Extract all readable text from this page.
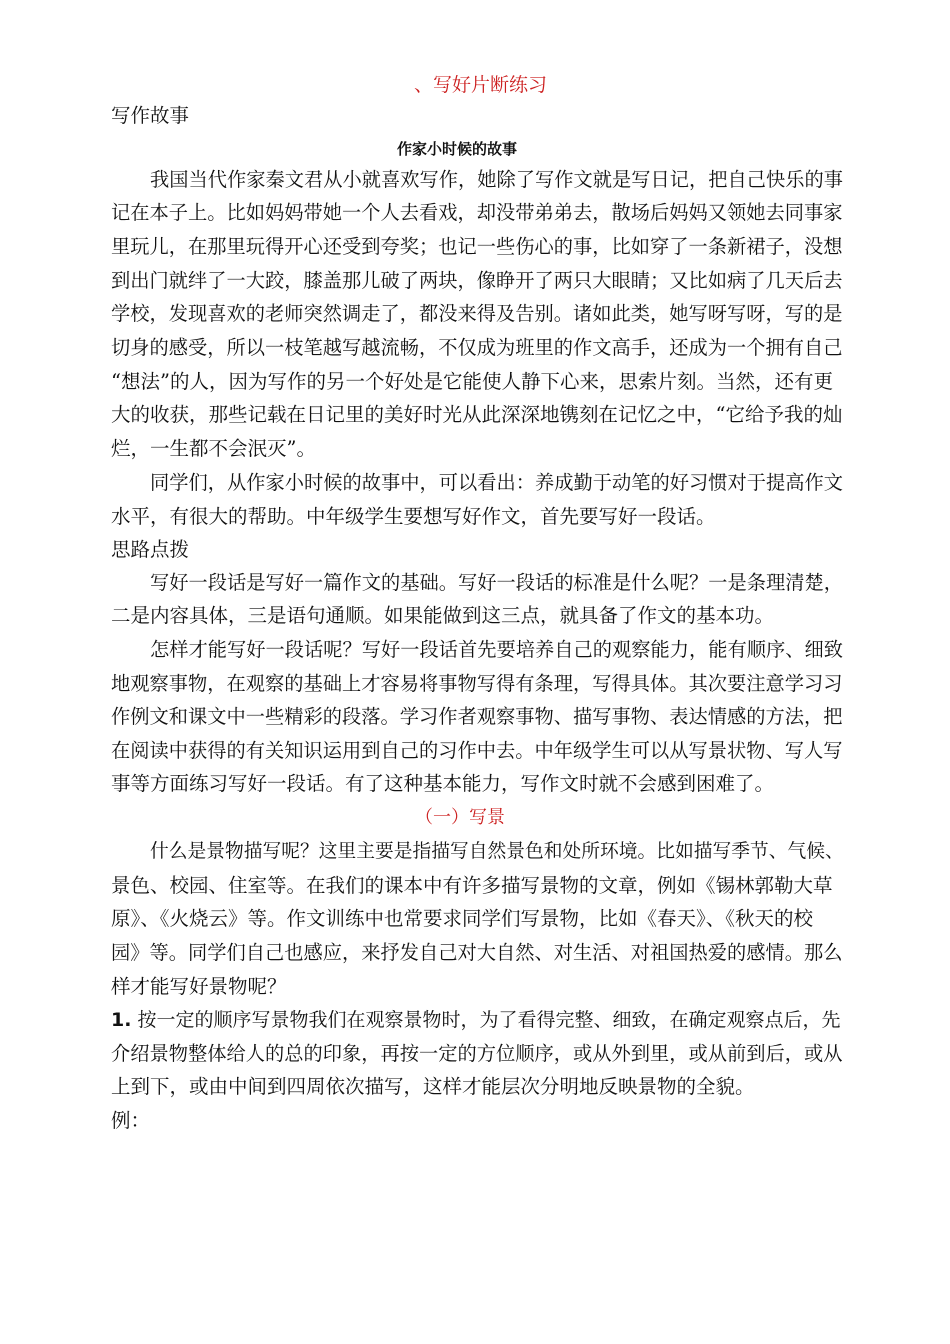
、写好片断练习
写作故事
作家小时候的故事
我国当代作家秦文君从小就喜欢写作，她除了写作文就是写日记，把自己快乐的事
记在本子上。比如妈妈带她一个人去看戏，却没带弟弟去，散场后妈妈又领她去同事家
里玩儿，在那里玩得开心还受到夸奖；也记一些伤心的事，比如穿了一条新裙子，没想
到出门就绊了一大跤，膝盖那儿破了两块，像睁开了两只大眼睛；又比如病了几天后去
学校，发现喜欢的老师突然调走了，都没来得及告别。诸如此类，她写呀写呀，写的是
切身的感受，所以一枝笔越写越流畅，不仅成为班里的作文高手，还成为一个拥有自己
“想法”的人，因为写作的另一个好处是它能使人静下心来，思索片刻。当然，还有更
大的收获，那些记载在日记里的美好时光从此深深地镌刻在记忆之中，“它给予我的灿
烂，一生都不会泯灭”。
同学们，从作家小时候的故事中，可以看出：养成勤于动笔的好习惯对于提高作文
水平，有很大的帮助。中年级学生要想写好作文，首先要写好一段话。
思路点拨
写好一段话是写好一篇作文的基础。写好一段话的标准是什么呢？一是条理清楚，
二是内容具体，三是语句通顺。如果能做到这三点，就具备了作文的基本功。
怎样才能写好一段话呢？写好一段话首先要培养自己的观察能力，能有顺序、细致
地观察事物，在观察的基础上才容易将事物写得有条理，写得具体。其次要注意学习习
作例文和课文中一些精彩的段落。学习作者观察事物、描写事物、表达情感的方法，把
在阅读中获得的有关知识运用到自己的习作中去。中年级学生可以从写景状物、写人写
事等方面练习写好一段话。有了这种基本能力，写作文时就不会感到困难了。
（一）写景
什么是景物描写呢？这里主要是指描写自然景色和处所环境。比如描写季节、气候、
景色、校园、住室等。在我们的课本中有许多描写景物的文章，例如《锡林郭勒大草
原》、《火烧云》等。作文训练中也常要求同学们写景物，比如《春天》、《秋天的校
园》等。同学们自己也感应，来抒发自己对大自然、对生活、对祖国热爱的感情。那么
样才能写好景物呢？
1. 按一定的顺序写景物我们在观察景物时，为了看得完整、细致，在确定观察点后，先
介绍景物整体给人的总的印象，再按一定的方位顺序，或从外到里，或从前到后，或从
上到下，或由中间到四周依次描写，这样才能层次分明地反映景物的全貌。
例：
